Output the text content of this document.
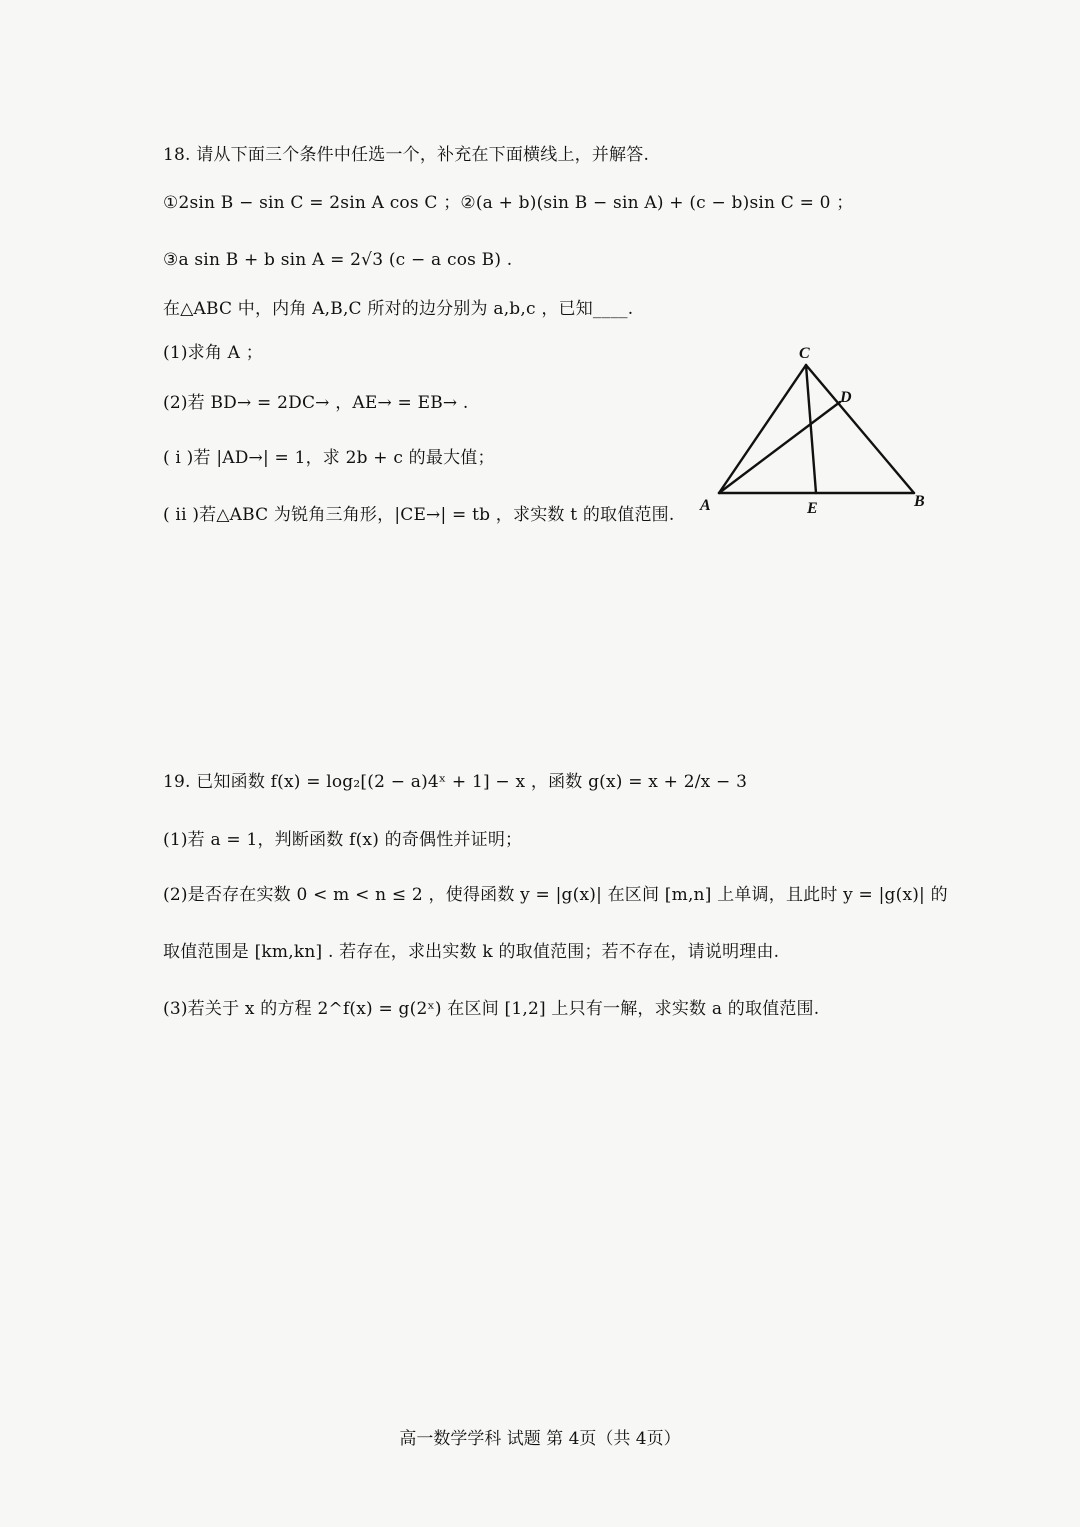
18. 请从下面三个条件中任选一个，补充在下面横线上，并解答.
①2sin B − sin C = 2sin A cos C ；②(a + b)(sin B − sin A) + (c − b)sin C = 0 ；
③a sin B + b sin A = 2√3 (c − a cos B) .
在△ABC 中，内角 A,B,C 所对的边分别为 a,b,c ，已知____.
(1)求角 A ；
(2)若 BD→ = 2DC→ ，AE→ = EB→ .
( i )若 |AD→| = 1，求 2b + c 的最大值；
( ii )若△ABC 为锐角三角形，|CE→| = tb ，求实数 t 的取值范围.
C
D
A	E	B
19. 已知函数 f(x) = log₂[(2 − a)4ˣ + 1] − x ，函数 g(x) = x + 2/x − 3
(1)若 a = 1，判断函数 f(x) 的奇偶性并证明；
(2)是否存在实数 0 < m < n ≤ 2 ，使得函数 y = |g(x)| 在区间 [m,n] 上单调，且此时 y = |g(x)| 的
取值范围是 [km,kn] . 若存在，求出实数 k 的取值范围；若不存在，请说明理由.
(3)若关于 x 的方程 2^f(x) = g(2ˣ) 在区间 [1,2] 上只有一解，求实数 a 的取值范围.
高一数学学科 试题 第 4页（共 4页）
